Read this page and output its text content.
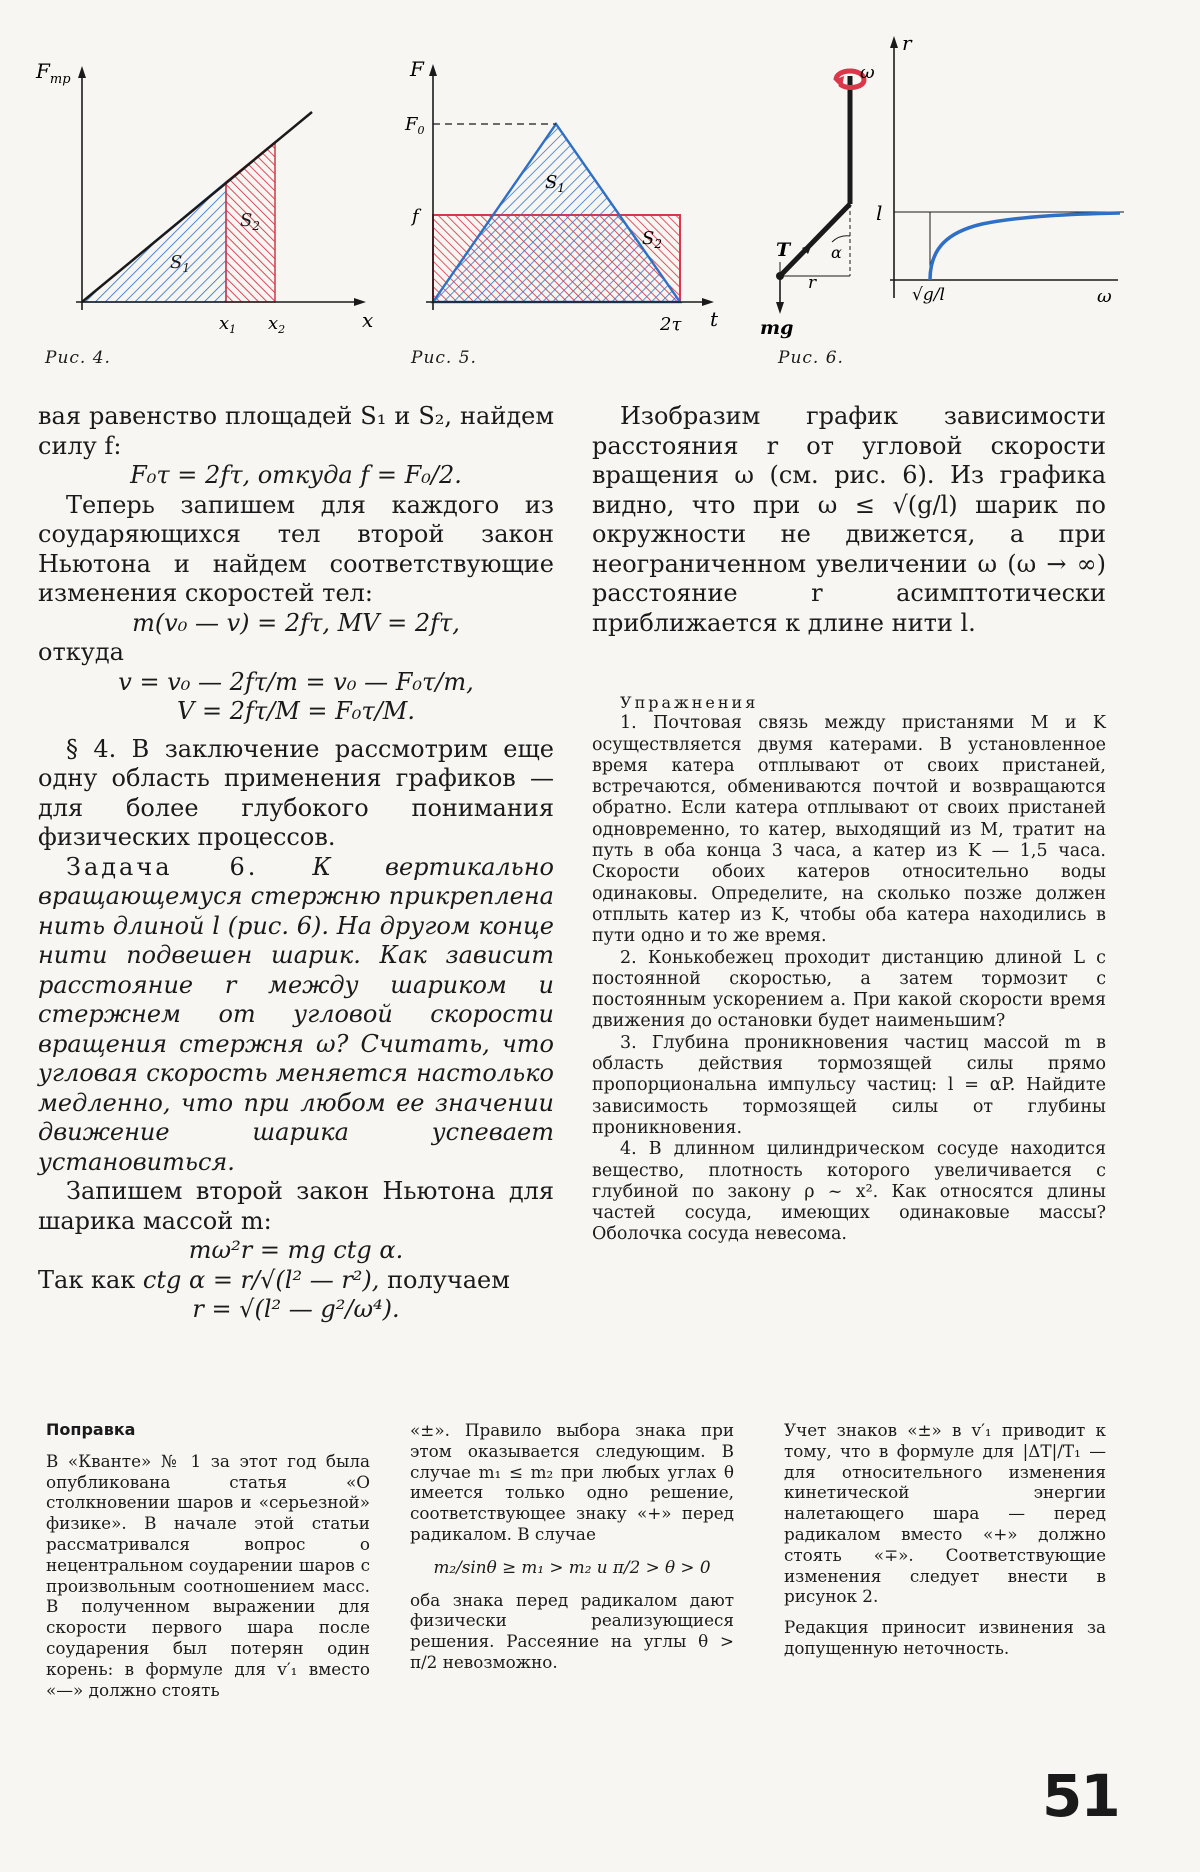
$F_{тр}$
$S_1$
$S_2$
$x_1$ $x_2$	x
Рис. 4.
F
$F_0$
f
$S_1$
$S_2$
2τ t
Рис. 5.
ω
T	α
r
mg
r
l
√g/l	ω
Рис. 6.

вая равенство площадей S₁ и S₂, найдем силу f:

F₀τ = 2fτ, откуда f = F₀/2.

Теперь запишем для каждого из соударяющихся тел второй закон Ньютона и найдем соответствующие изменения скоростей тел:

m(v₀ — v) = 2fτ, MV = 2fτ,

откуда

v = v₀ — 2fτ/m = v₀ — F₀τ/m,

V = 2fτ/M = F₀τ/M.

§ 4. В заключение рассмотрим еще одну область применения графиков — для более глубокого понимания физических процессов.

Задача 6. К вертикально вращающемуся стержню прикреплена нить длиной l (рис. 6). На другом конце нити подвешен шарик. Как зависит расстояние r между шариком и стержнем от угловой скорости вращения стержня ω? Считать, что угловая скорость меняется настолько медленно, что при любом ее значении движение шарика успевает установиться.

Запишем второй закон Ньютона для шарика массой m:

mω²r = mg ctg α.

Так как ctg α = r/√(l² — r²), получаем

r = √(l² — g²/ω⁴).

Изобразим график зависимости расстояния r от угловой скорости вращения ω (см. рис. 6). Из графика видно, что при ω ≤ √(g/l) шарик по окружности не движется, а при неограниченном увеличении ω (ω → ∞) расстояние r асимптотически приближается к длине нити l.

Упражнения

1. Почтовая связь между пристанями M и K осуществляется двумя катерами. В установленное время катера отплывают от своих пристаней, встречаются, обмениваются почтой и возвращаются обратно. Если катера отплывают от своих пристаней одновременно, то катер, выходящий из M, тратит на путь в оба конца 3 часа, а катер из K — 1,5 часа. Скорости обоих катеров относительно воды одинаковы. Определите, на сколько позже должен отплыть катер из K, чтобы оба катера находились в пути одно и то же время.

2. Конькобежец проходит дистанцию длиной L с постоянной скоростью, а затем тормозит с постоянным ускорением a. При какой скорости время движения до остановки будет наименьшим?

3. Глубина проникновения частиц массой m в область действия тормозящей силы прямо пропорциональна импульсу частиц: l = αP. Найдите зависимость тормозящей силы от глубины проникновения.

4. В длинном цилиндрическом сосуде находится вещество, плотность которого увеличивается с глубиной по закону ρ ~ x². Как относятся длины частей сосуда, имеющих одинаковые массы? Оболочка сосуда невесома.

Поправка

В «Кванте» № 1 за этот год была опубликована статья «О столкновении шаров и «серьезной» физике». В начале этой статьи рассматривался вопрос о нецентральном соударении шаров с произвольным соотношением масс. В полученном выражении для скорости первого шара после соударения был потерян один корень: в формуле для v′₁ вместо «—» должно стоять

«±». Правило выбора знака при этом оказывается следующим. В случае m₁ ≤ m₂ при любых углах θ имеется только одно решение, соответствующее знаку «+» перед радикалом. В случае

m₂/sinθ ≥ m₁ > m₂ и π/2 > θ > 0

оба знака перед радикалом дают физически реализующиеся решения. Рассеяние на углы θ > π/2 невозможно.

Учет знаков «±» в v′₁ приводит к тому, что в формуле для |ΔT|/T₁ — для относительного изменения кинетической энергии налетающего шара — перед радикалом вместо «+» должно стоять «∓». Соответствующие изменения следует внести в рисунок 2.

Редакция приносит извинения за допущенную неточность.

51
